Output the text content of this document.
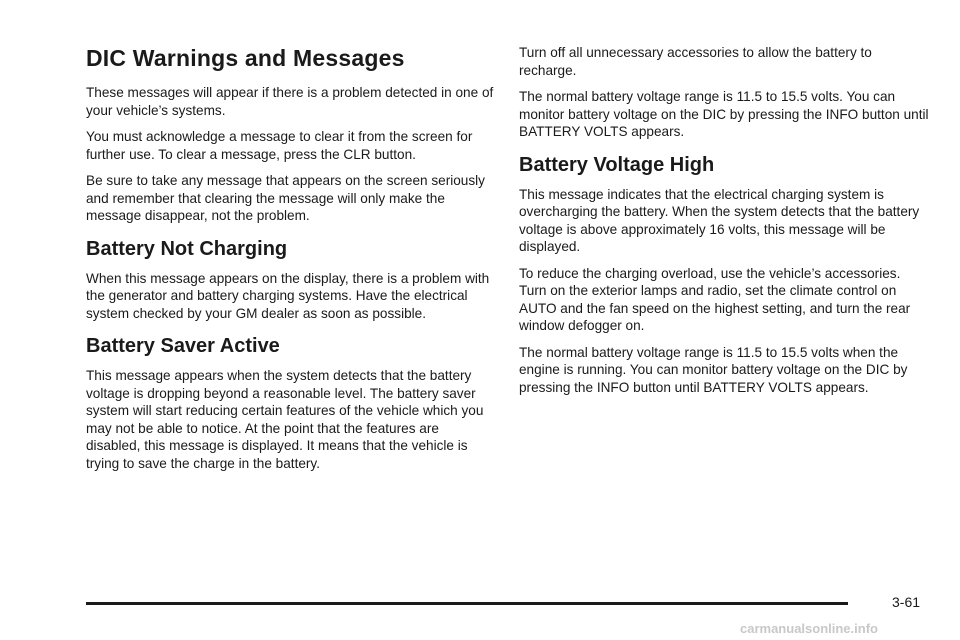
DIC Warnings and Messages

These messages will appear if there is a problem detected in one of your vehicle’s systems.

You must acknowledge a message to clear it from the screen for further use. To clear a message, press the CLR button.

Be sure to take any message that appears on the screen seriously and remember that clearing the message will only make the message disappear, not the problem.

Battery Not Charging

When this message appears on the display, there is a problem with the generator and battery charging systems. Have the electrical system checked by your GM dealer as soon as possible.

Battery Saver Active

This message appears when the system detects that the battery voltage is dropping beyond a reasonable level. The battery saver system will start reducing certain features of the vehicle which you may not be able to notice. At the point that the features are disabled, this message is displayed. It means that the vehicle is trying to save the charge in the battery.

Turn off all unnecessary accessories to allow the battery to recharge.

The normal battery voltage range is 11.5 to 15.5 volts. You can monitor battery voltage on the DIC by pressing the INFO button until BATTERY VOLTS appears.

Battery Voltage High

This message indicates that the electrical charging system is overcharging the battery. When the system detects that the battery voltage is above approximately 16 volts, this message will be displayed.

To reduce the charging overload, use the vehicle’s accessories. Turn on the exterior lamps and radio, set the climate control on AUTO and the fan speed on the highest setting, and turn the rear window defogger on.

The normal battery voltage range is 11.5 to 15.5 volts when the engine is running. You can monitor battery voltage on the DIC by pressing the INFO button until BATTERY VOLTS appears.

3-61
carmanualsonline.info
